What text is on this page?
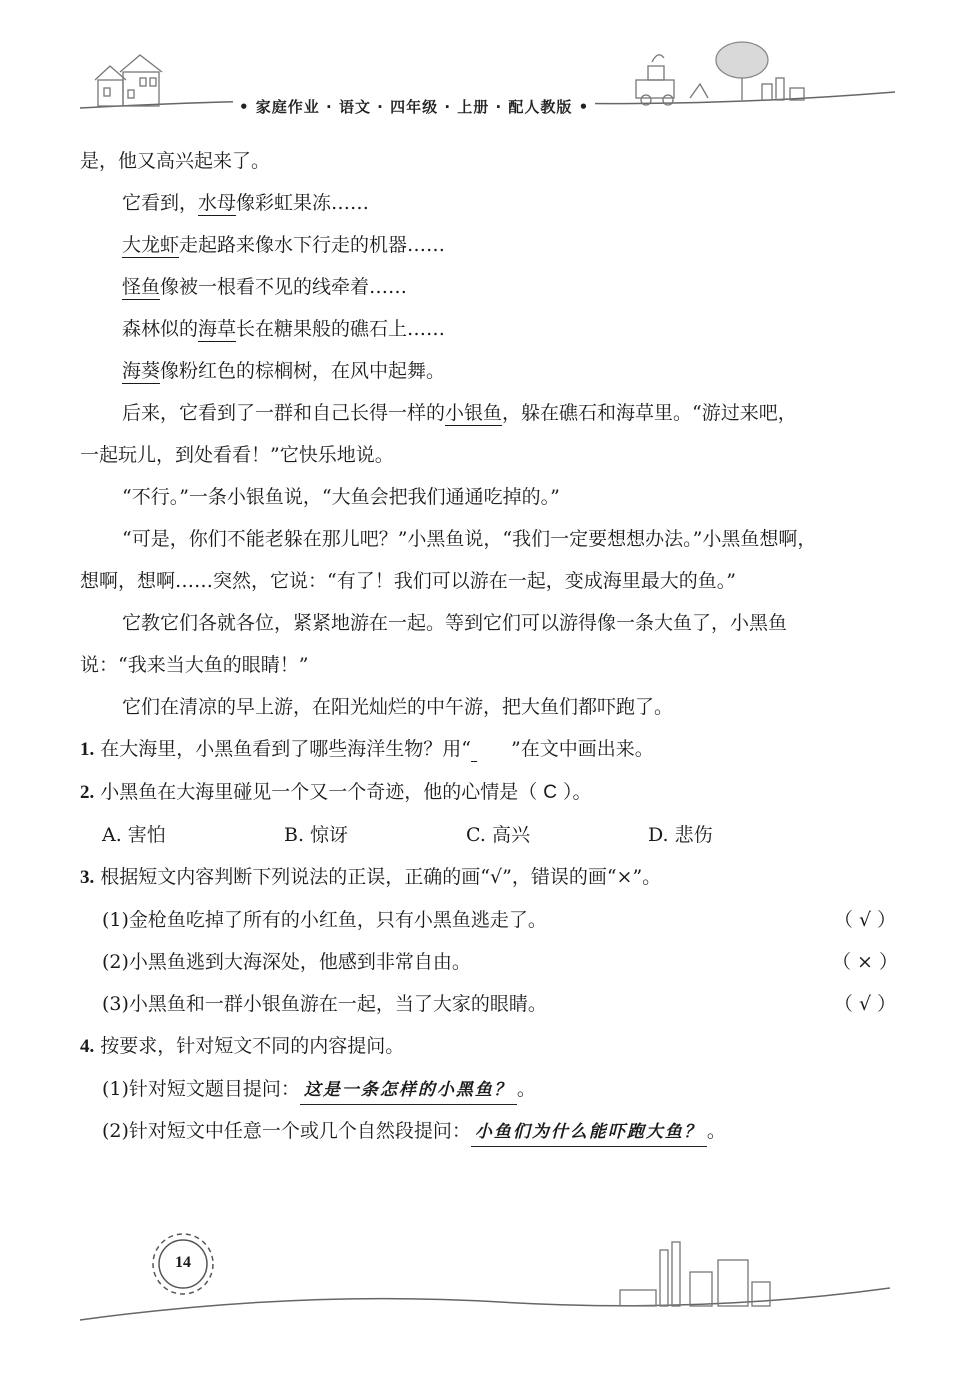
• 家庭作业 · 语文 · 四年级 · 上册 · 配人教版 •

是，他又高兴起来了。

它看到，水母像彩虹果冻……

大龙虾走起路来像水下行走的机器……

怪鱼像被一根看不见的线牵着……

森林似的海草长在糖果般的礁石上……

海葵像粉红色的棕榈树，在风中起舞。

后来，它看到了一群和自己长得一样的小银鱼，躲在礁石和海草里。“游过来吧，

一起玩儿，到处看看！”它快乐地说。

“不行。”一条小银鱼说，“大鱼会把我们通通吃掉的。”

“可是，你们不能老躲在那儿吧？”小黑鱼说，“我们一定要想想办法。”小黑鱼想啊，

想啊，想啊……突然，它说：“有了！我们可以游在一起，变成海里最大的鱼。”

它教它们各就各位，紧紧地游在一起。等到它们可以游得像一条大鱼了，小黑鱼

说：“我来当大鱼的眼睛！”

它们在清凉的早上游，在阳光灿烂的中午游，把大鱼们都吓跑了。

1. 在大海里，小黑鱼看到了哪些海洋生物？用“ ”在文中画出来。

2. 小黑鱼在大海里碰见一个又一个奇迹，他的心情是（ C ）。

A. 害怕	B. 惊讶	C. 高兴	D. 悲伤

3. 根据短文内容判断下列说法的正误，正确的画“√”，错误的画“×”。

(1)金枪鱼吃掉了所有的小红鱼，只有小黑鱼逃走了。	（ √ ）
(2)小黑鱼逃到大海深处，他感到非常自由。	（ × ）
(3)小黑鱼和一群小银鱼游在一起，当了大家的眼睛。	（ √ ）

4. 按要求，针对短文不同的内容提问。

(1)针对短文题目提问： 这是一条怎样的小黑鱼？ 。

(2)针对短文中任意一个或几个自然段提问： 小鱼们为什么能吓跑大鱼？ 。

14
